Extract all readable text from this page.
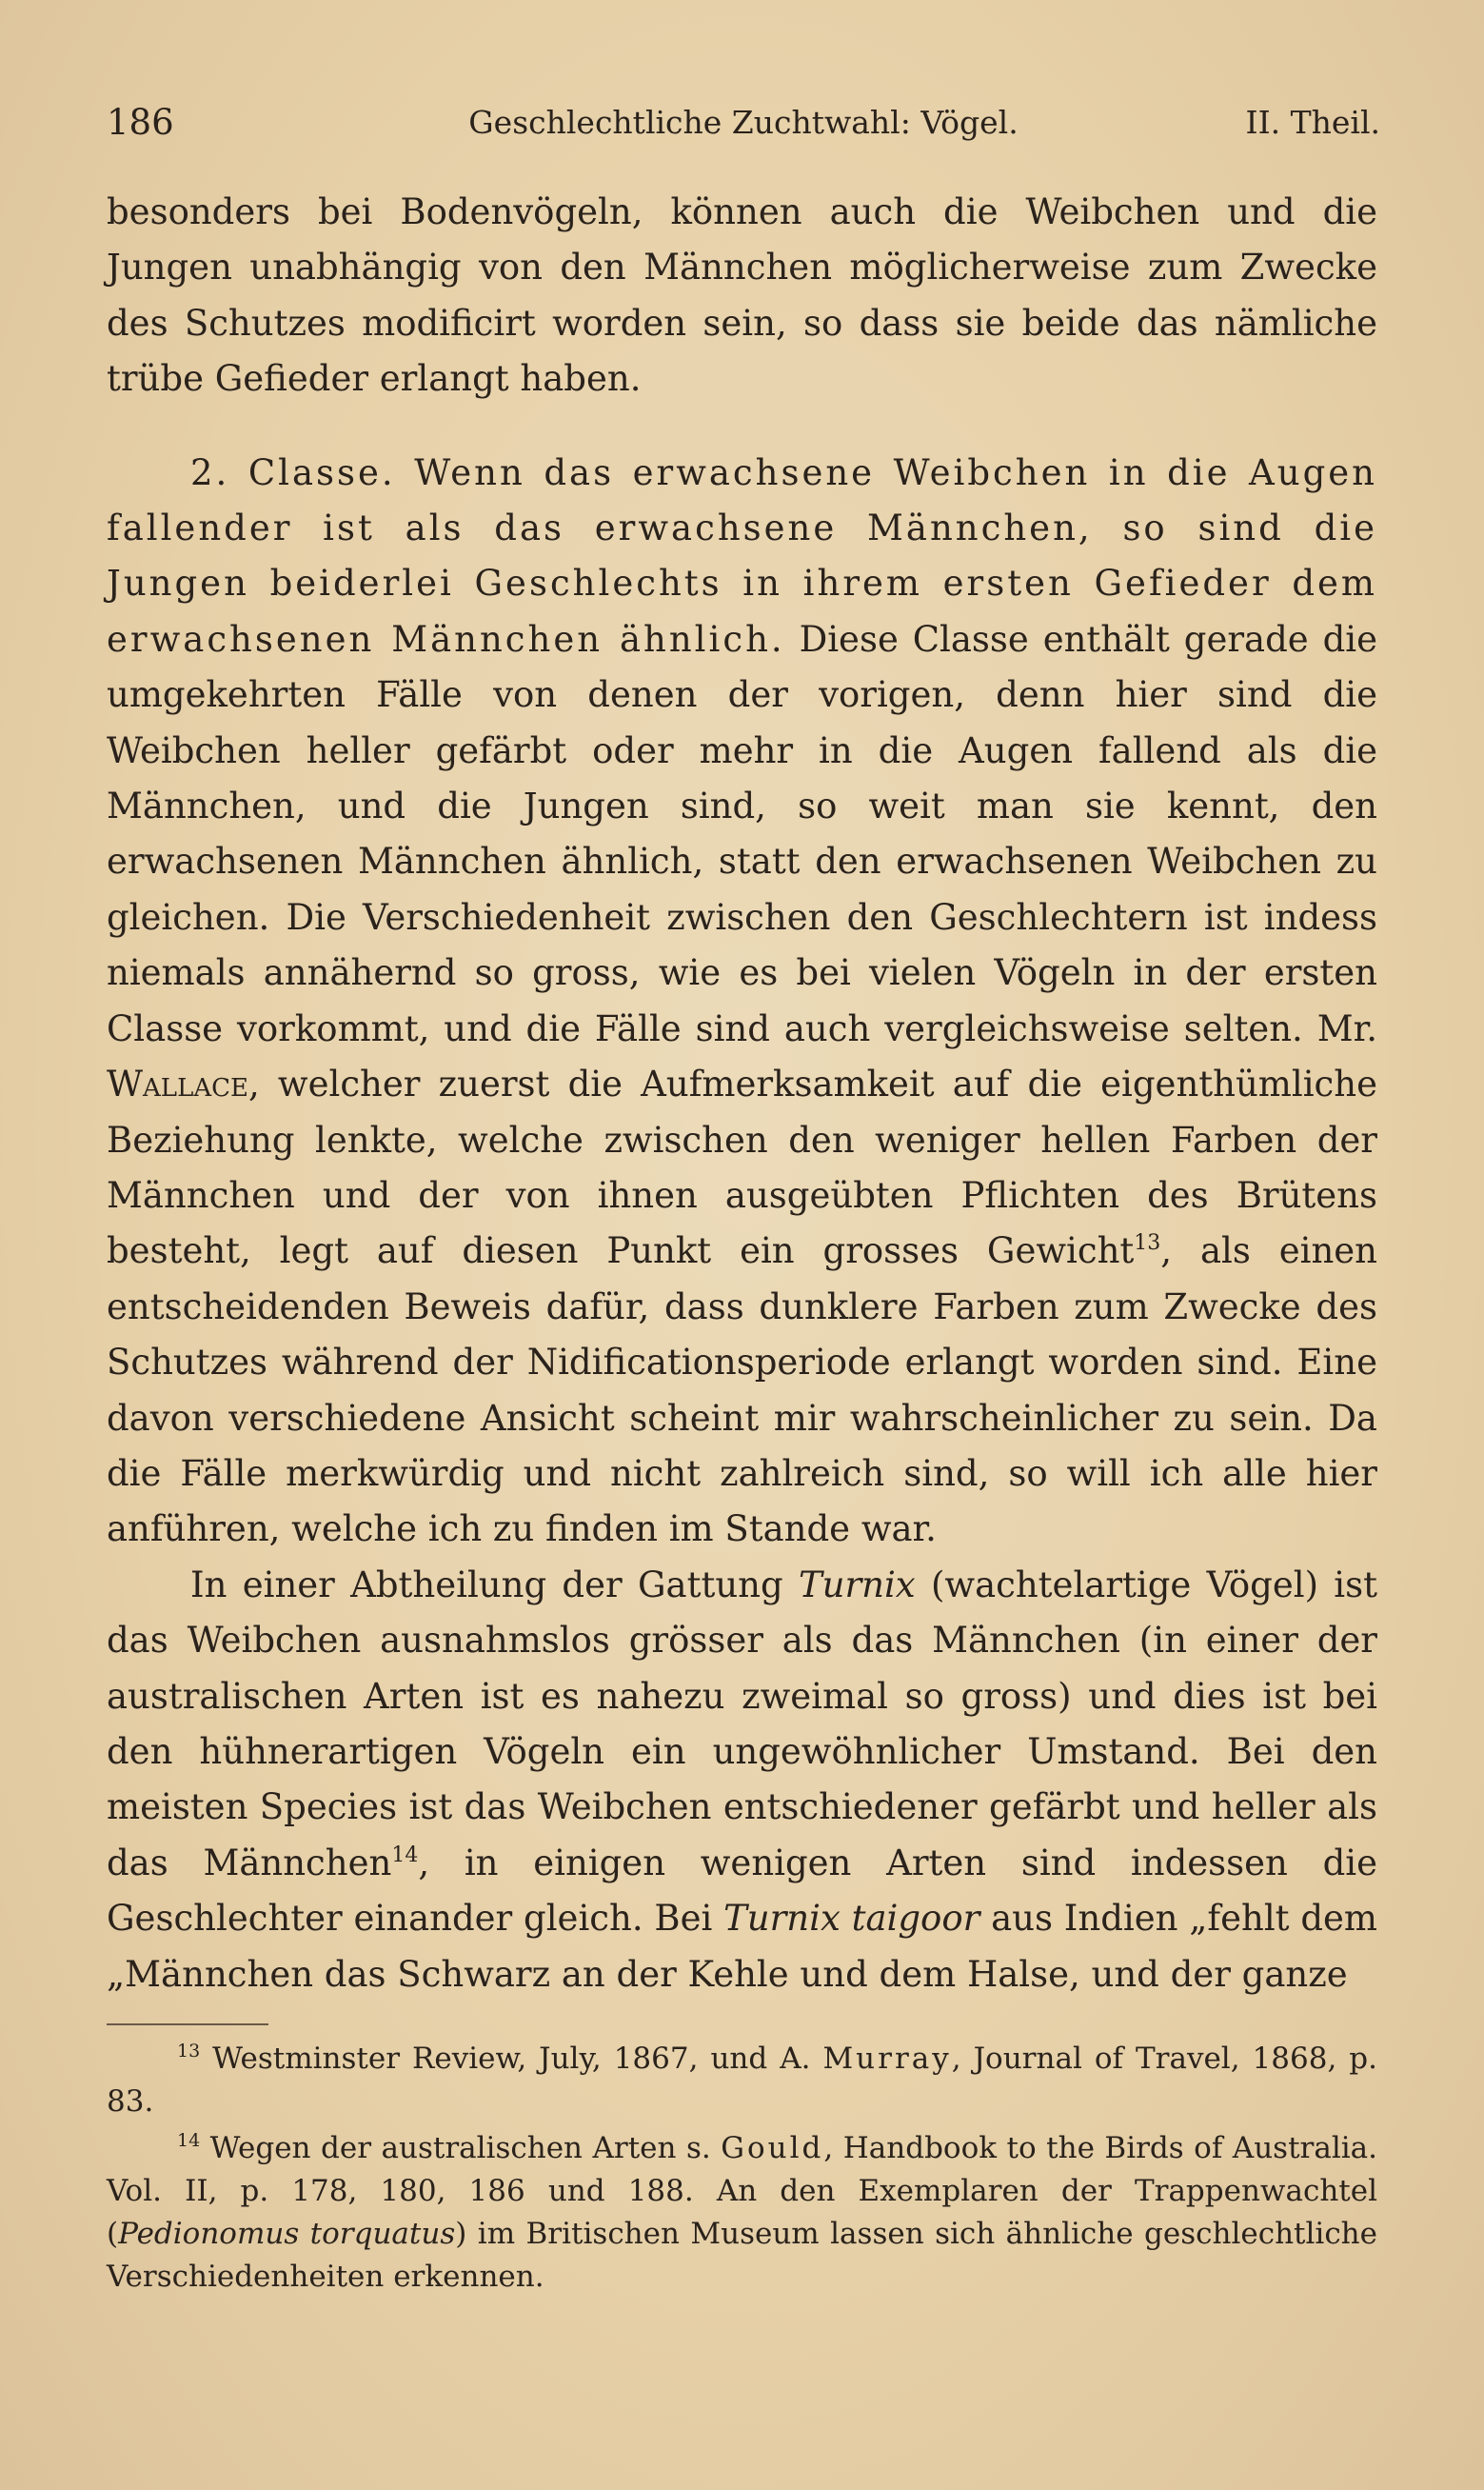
186	Geschlechtliche Zuchtwahl: Vögel.	II. Theil.

besonders bei Bodenvögeln, können auch die Weibchen und die Jungen unabhängig von den Männchen möglicherweise zum Zwecke des Schutzes modificirt worden sein, so dass sie beide das nämliche trübe Gefieder erlangt haben.

2. Classe. Wenn das erwachsene Weibchen in die Augen fallender ist als das erwachsene Männchen, so sind die Jungen beiderlei Geschlechts in ihrem ersten Gefieder dem erwachsenen Männchen ähnlich. Diese Classe enthält gerade die umgekehrten Fälle von denen der vorigen, denn hier sind die Weibchen heller gefärbt oder mehr in die Augen fallend als die Männchen, und die Jungen sind, so weit man sie kennt, den erwachsenen Männchen ähnlich, statt den erwachsenen Weibchen zu gleichen. Die Verschiedenheit zwischen den Geschlechtern ist indess niemals annähernd so gross, wie es bei vielen Vögeln in der ersten Classe vorkommt, und die Fälle sind auch vergleichsweise selten. Mr. Wallace, welcher zuerst die Aufmerksamkeit auf die eigenthümliche Beziehung lenkte, welche zwischen den weniger hellen Farben der Männchen und der von ihnen ausgeübten Pflichten des Brütens besteht, legt auf diesen Punkt ein grosses Gewicht$^{13}$, als einen entscheidenden Beweis dafür, dass dunklere Farben zum Zwecke des Schutzes während der Nidificationsperiode erlangt worden sind. Eine davon verschiedene Ansicht scheint mir wahrscheinlicher zu sein. Da die Fälle merkwürdig und nicht zahlreich sind, so will ich alle hier anführen, welche ich zu finden im Stande war.

In einer Abtheilung der Gattung Turnix (wachtelartige Vögel) ist das Weibchen ausnahmslos grösser als das Männchen (in einer der australischen Arten ist es nahezu zweimal so gross) und dies ist bei den hühnerartigen Vögeln ein ungewöhnlicher Umstand. Bei den meisten Species ist das Weibchen entschiedener gefärbt und heller als das Männchen$^{14}$, in einigen wenigen Arten sind indessen die Geschlechter einander gleich. Bei Turnix taigoor aus Indien „fehlt dem „Männchen das Schwarz an der Kehle und dem Halse, und der ganze

$^{13}$ Westminster Review, July, 1867, und A. Murray, Journal of Travel, 1868, p. 83.

$^{14}$ Wegen der australischen Arten s. Gould, Handbook to the Birds of Australia. Vol. II, p. 178, 180, 186 und 188. An den Exemplaren der Trappenwachtel (Pedionomus torquatus) im Britischen Museum lassen sich ähnliche geschlechtliche Verschiedenheiten erkennen.
